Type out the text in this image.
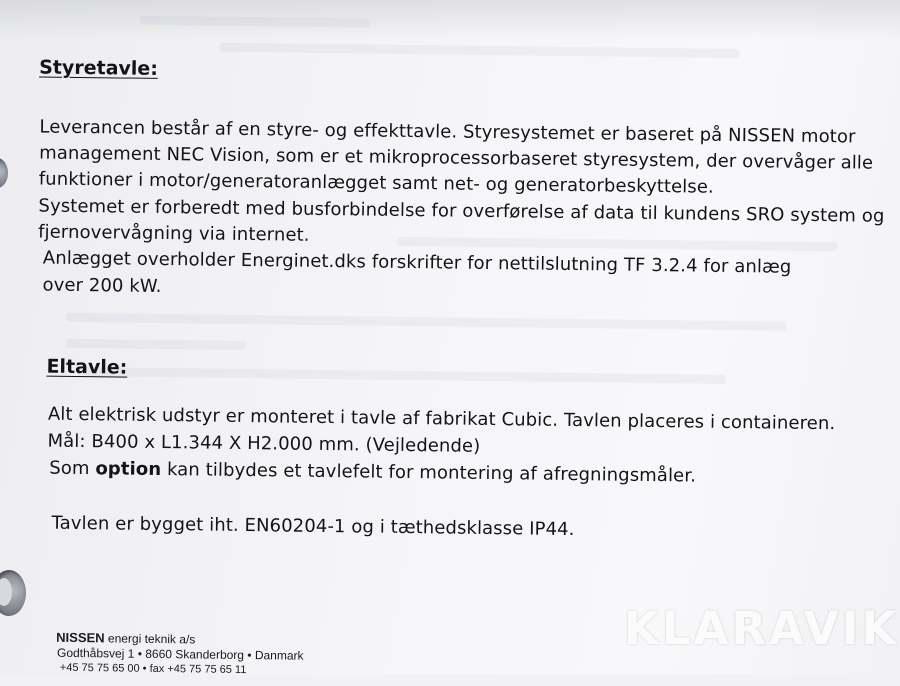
Styretavle:
Leverancen består af en styre- og effekttavle. Styresystemet er baseret på NISSEN motor
management NEC Vision, som er et mikroprocessorbaseret styresystem, der overvåger alle
funktioner i motor/generatoranlægget samt net- og generatorbeskyttelse.
Systemet er forberedt med busforbindelse for overførelse af data til kundens SRO system og
fjernovervågning via internet.
Anlægget overholder Energinet.dks forskrifter for nettilslutning TF 3.2.4 for anlæg
over 200 kW.
Eltavle:
Alt elektrisk udstyr er monteret i tavle af fabrikat Cubic. Tavlen placeres i containeren.
Mål: B400 x L1.344 X H2.000 mm. (Vejledende)
Som option kan tilbydes et tavlefelt for montering af afregningsmåler.
Tavlen er bygget iht. EN60204-1 og i tæthedsklasse IP44.
NISSEN energi teknik a/s
Godthåbsvej 1 • 8660 Skanderborg • Danmark
+45 75 75 65 00 • fax +45 75 75 65 11
KLARAVIK
